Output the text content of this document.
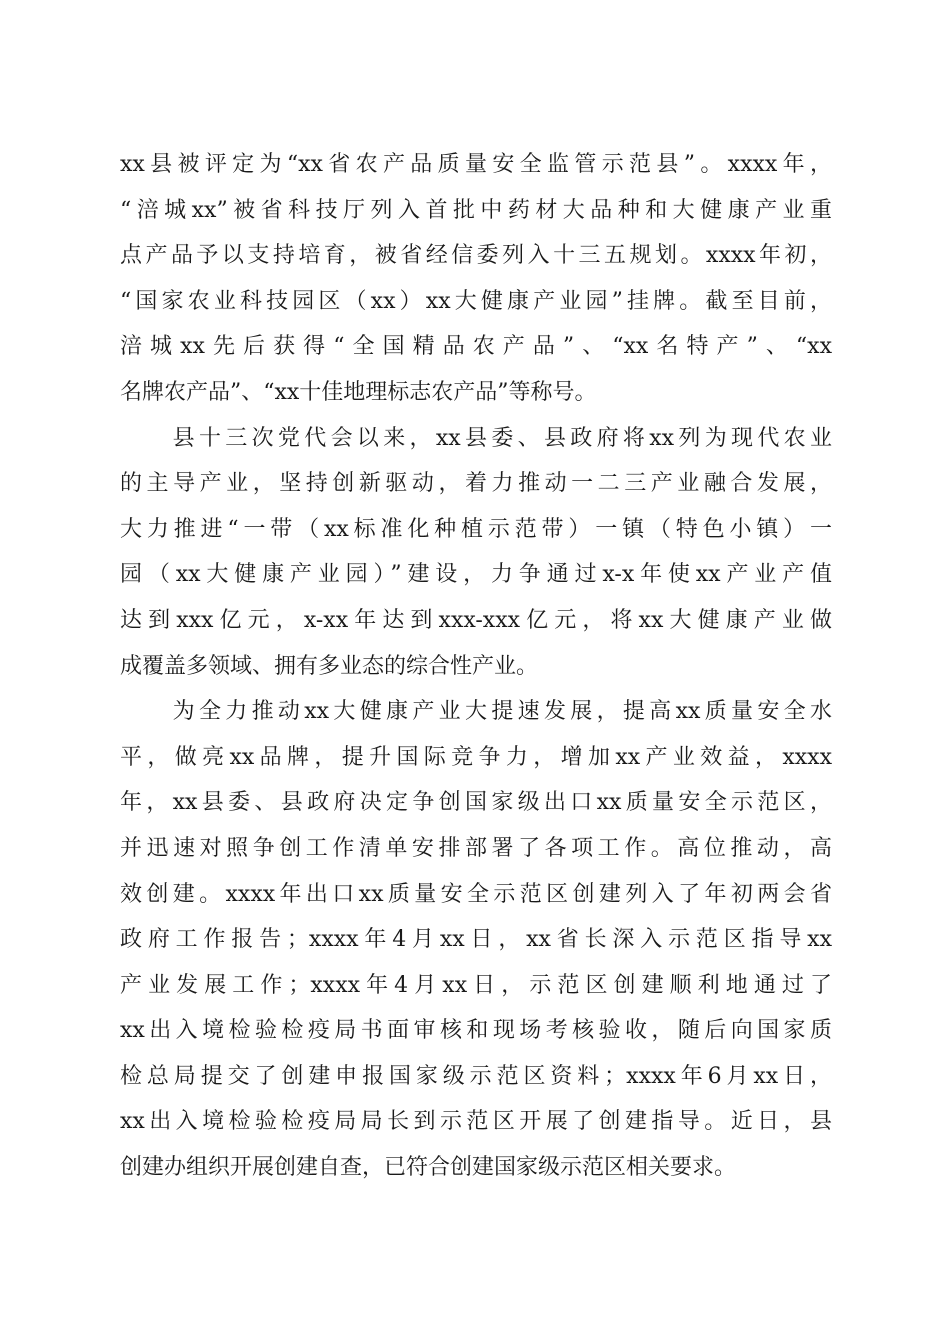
xx县被评定为“xx省农产品质量安全监管示范县”。xxxx年，
“涪城xx”被省科技厅列入首批中药材大品种和大健康产业重
点产品予以支持培育，被省经信委列入十三五规划。xxxx年初，
“国家农业科技园区（xx）xx大健康产业园”挂牌。截至目前，
涪城xx先后获得“全国精品农产品”、“xx名特产”、“xx
名牌农产品”、“xx十佳地理标志农产品”等称号。
　　县十三次党代会以来，xx县委、县政府将xx列为现代农业
的主导产业，坚持创新驱动，着力推动一二三产业融合发展，
大力推进“一带（xx标准化种植示范带）一镇（特色小镇）一
园（xx大健康产业园）”建设，力争通过x-x年使xx产业产值
达到xxx亿元，x-xx年达到xxx-xxx亿元，将xx大健康产业做
成覆盖多领域、拥有多业态的综合性产业。
　　为全力推动xx大健康产业大提速发展，提高xx质量安全水
平，做亮xx品牌，提升国际竞争力，增加xx产业效益，xxxx
年，xx县委、县政府决定争创国家级出口xx质量安全示范区，
并迅速对照争创工作清单安排部署了各项工作。高位推动，高
效创建。xxxx年出口xx质量安全示范区创建列入了年初两会省
政府工作报告；xxxx年4月xx日，xx省长深入示范区指导xx
产业发展工作；xxxx年4月xx日，示范区创建顺利地通过了
xx出入境检验检疫局书面审核和现场考核验收，随后向国家质
检总局提交了创建申报国家级示范区资料；xxxx年6月xx日，
xx出入境检验检疫局局长到示范区开展了创建指导。近日，县
创建办组织开展创建自查，已符合创建国家级示范区相关要求。
